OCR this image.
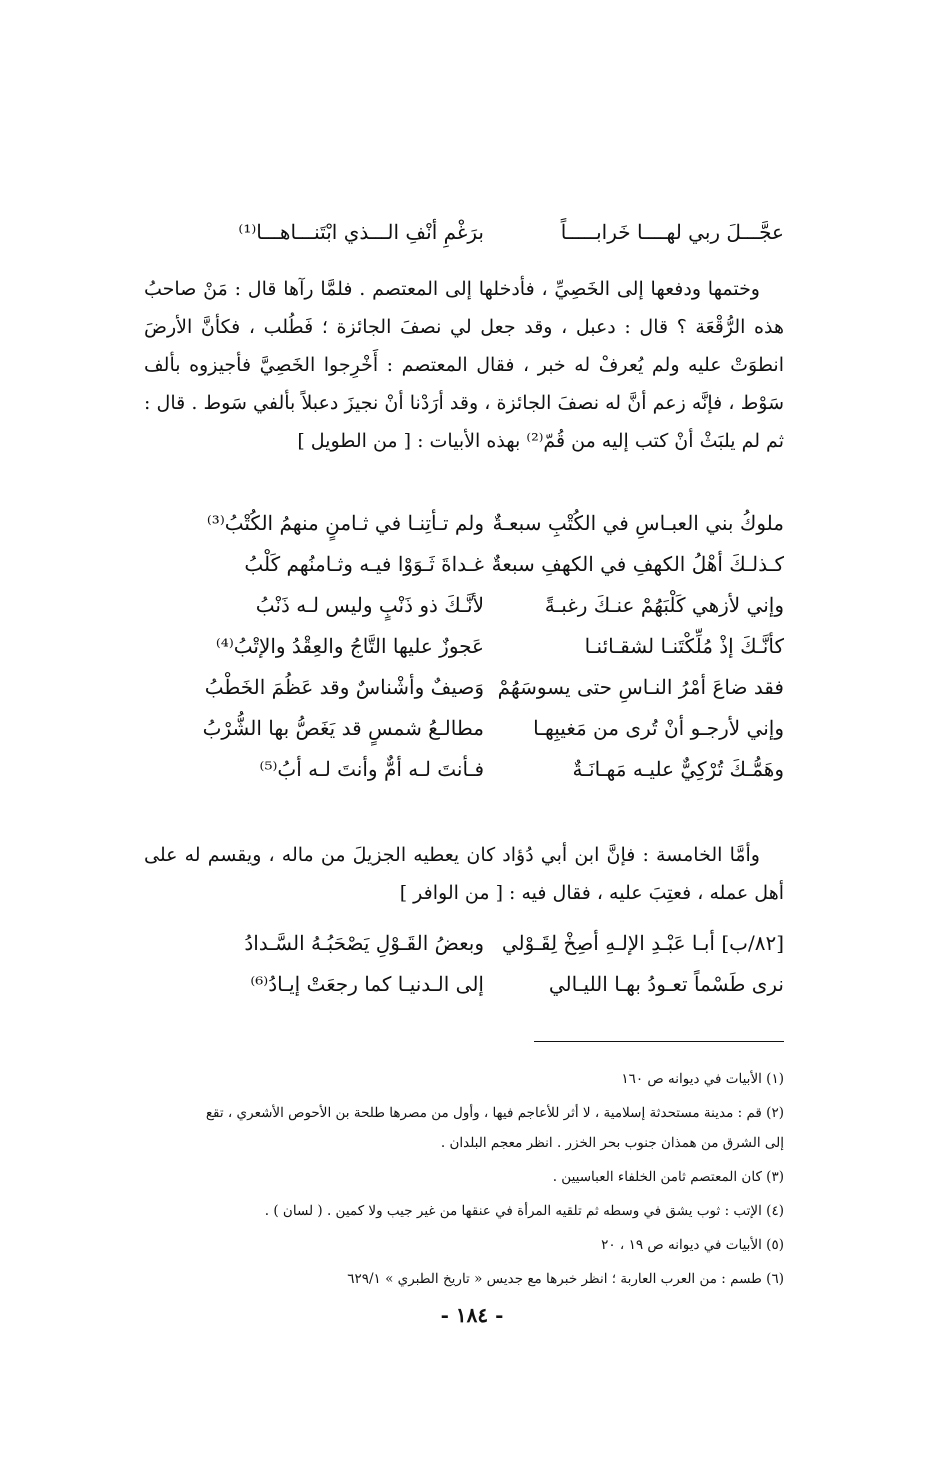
عجَّـــلَ ربي لهــــا خَرابـــــاً
برَغْمِ أنْفِ الـــذي ابْتَنـــاهـــا⁽¹⁾
وختمها ودفعها إلى الخَصِيِّ ، فأدخلها إلى المعتصم . فلمَّا رآها قال : مَنْ صاحبُ هذه الرُّقْعَة ؟ قال : دعبل ، وقد جعل لي نصفَ الجائزة ؛ فَطُلب ، فكأنَّ الأرضَ انطوَتْ عليه ولم يُعرفْ له خبر ، فقال المعتصم : أَخْرِجوا الخَصِيَّ فأجيزوه بألف سَوْط ، فإنَّه زعم أنَّ له نصفَ الجائزة ، وقد أرَدْنا أنْ نجيزَ دعبلاً بألفي سَوط . قال : ثم لم يلبَثْ أنْ كتب إليه من قُمّ⁽²⁾ بهذه الأبيات : [ من الطويل ]
ملوكُ بني العبـاسِ في الكُتْبِ سبعـةٌ
ولم تـأتِنـا في ثـامنٍ منهمُ الكُتْبُ⁽³⁾
كـذلـكَ أهْلُ الكهفِ في الكهفِ سبعةٌ
غـداةَ ثَـوَوْا فيـه وثـامنُهم كَلْبُ
وإني لأزهي كَلْبَهُمْ عنـكَ رغبـةً
لأنَّـكَ ذو ذَنْبٍ وليس لـه ذَنْبُ
كأنَّـكَ إذْ مُلِّكْتَنـا لشقـائنـا
عَجوزٌ عليها التَّاجُ والعِقْدُ والإتْبُ⁽⁴⁾
فقد ضاعَ أمْرُ النـاسِ حتى يسوسَهُمْ
وَصيفٌ وأشْناسٌ وقد عَظُمَ الخَطْبُ
وإني لأرجـو أنْ تُرى من مَغيبِهـا
مطالـعُ شمسٍ قد يَغَصُّ بها الشُّرْبُ
وهَمُّـكَ تُرْكِيٌّ عليـه مَهـانَـةٌ
فـأنتَ لـه أمٌّ وأنتَ لـه أبُ⁽⁵⁾
وأمَّا الخامسة : فإنَّ ابن أبي دُؤاد كان يعطيه الجزيلَ من ماله ، ويقسم له على أهل عمله ، فعتِبَ عليه ، فقال فيه : [ من الوافر ]
[٨٢/ب] أبـا عَبْـدِ الإلـهِ أصِخْ لِقَـوْلي
وبعضُ القَـوْلِ يَصْحَبُـهُ السَّـدادُ
نرى طَسْماً تعـودُ بهـا الليـالي
إلى الـدنيـا كما رجعَتْ إيـادُ⁽⁶⁾
(١) الأبيات في ديوانه ص ١٦٠
(٢) قم : مدينة مستحدثة إسلامية ، لا أثر للأعاجم فيها ، وأول من مصرها طلحة بن الأحوص الأشعري ، تقع
إلى الشرق من همذان جنوب بحر الخزر . انظر معجم البلدان .
(٣) كان المعتصم ثامن الخلفاء العباسيين .
(٤) الإتب : ثوب يشق في وسطه ثم تلقيه المرأة في عنقها من غير جيب ولا كمين . ( لسان ) .
(٥) الأبيات في ديوانه ص ١٩ ، ٢٠
(٦) طسم : من العرب العاربة ؛ انظر خبرها مع جديس « تاريخ الطبري » ٦٢٩/١
- ١٨٤ -
